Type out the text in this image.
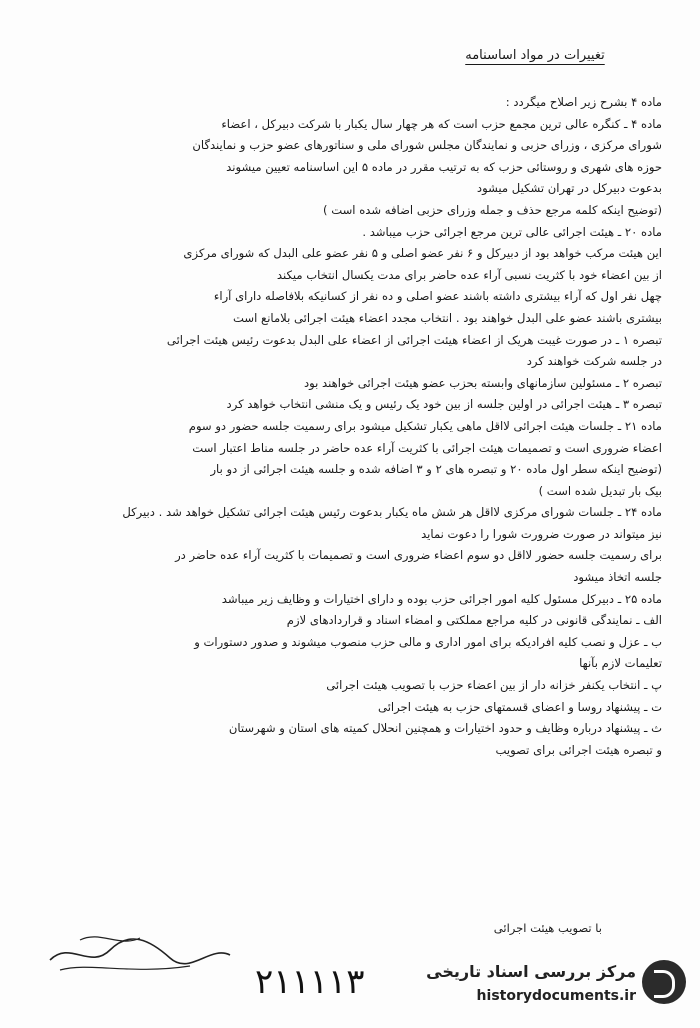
تغییرات در مواد اساسنامه
ماده ۴ بشرح زیر اصلاح میگردد :
ماده ۴ ـ کنگره عالی ترین مجمع حزب است که هر چهار سال یکبار با شرکت دبیرکل ، اعضاء
شورای مرکزی ، وزرای حزبی و نمایندگان مجلس شورای ملی و سناتورهای عضو حزب و نمایندگان
حوزه های شهری و روستائی حزب که به ترتیب مقرر در ماده ۵ این اساسنامه تعیین میشوند
بدعوت دبیرکل در تهران تشکیل میشود
(توضیح اینکه کلمه مرجع حذف و جمله وزرای حزبی اضافه شده است )
ماده ۲۰ ـ هیئت اجرائی عالی ترین مرجع اجرائی حزب میباشد .
این هیئت مرکب خواهد بود از دبیرکل و ۶ نفر عضو اصلی و ۵ نفر عضو علی البدل که شورای مرکزی
از بین اعضاء خود با کثریت نسبی آراء عده حاضر برای مدت یکسال انتخاب میکند
چهل نفر اول که آراء بیشتری داشته باشند عضو اصلی و ده نفر از کسانیکه بلافاصله دارای آراء
بیشتری باشند عضو علی البدل خواهند بود . انتخاب مجدد اعضاء هیئت اجرائی بلامانع است
تبصره ۱ ـ در صورت غیبت هریک از اعضاء هیئت اجرائی از اعضاء علی البدل بدعوت رئیس هیئت اجرائی
در جلسه شرکت خواهند کرد
تبصره ۲ ـ مسئولین سازمانهای وابسته بحزب عضو هیئت اجرائی خواهند بود
تبصره ۳ ـ هیئت اجرائی در اولین جلسه از بین خود یک رئیس و یک منشی انتخاب خواهد کرد
ماده ۲۱ ـ جلسات هیئت اجرائی لااقل ماهی یکبار تشکیل میشود برای رسمیت جلسه حضور دو سوم
اعضاء ضروری است و تصمیمات هیئت اجرائی با کثریت آراء عده حاضر در جلسه مناط اعتبار است
(توضیح اینکه سطر اول ماده ۲۰ و تبصره های ۲ و ۳ اضافه شده و جلسه هیئت اجرائی از دو بار
بیک بار تبدیل شده است )
ماده ۲۴ ـ جلسات شورای مرکزی لااقل هر شش ماه یکبار بدعوت رئیس هیئت اجرائی تشکیل خواهد شد . دبیرکل
نیز میتواند در صورت ضرورت شورا را دعوت نماید
برای رسمیت جلسه حضور لااقل دو سوم اعضاء ضروری است و تصمیمات با کثریت آراء عده حاضر در
جلسه اتخاذ میشود
ماده ۲۵ ـ دبیرکل مسئول کلیه امور اجرائی حزب بوده و دارای اختیارات و وظایف زیر میباشد
الف ـ نمایندگی قانونی در کلیه مراجع مملکتی و امضاء اسناد و قراردادهای لازم
ب ـ عزل و نصب کلیه افرادیکه برای امور اداری و مالی حزب منصوب میشوند و صدور دستورات و
تعلیمات لازم بآنها
پ ـ انتخاب یکنفر خزانه دار از بین اعضاء حزب با تصویب هیئت اجرائی
ت ـ پیشنهاد روسا و اعضای قسمتهای حزب به هیئت اجرائی
ث ـ پیشنهاد درباره وظایف و حدود اختیارات و همچنین انحلال کمیته های استان و شهرستان
و تبصره هیئت اجرائی برای تصویب
۲۱۱۱۱۳
با تصویب هیئت اجرائی
مرکز بررسی اسناد تاریخی
historydocuments.ir
